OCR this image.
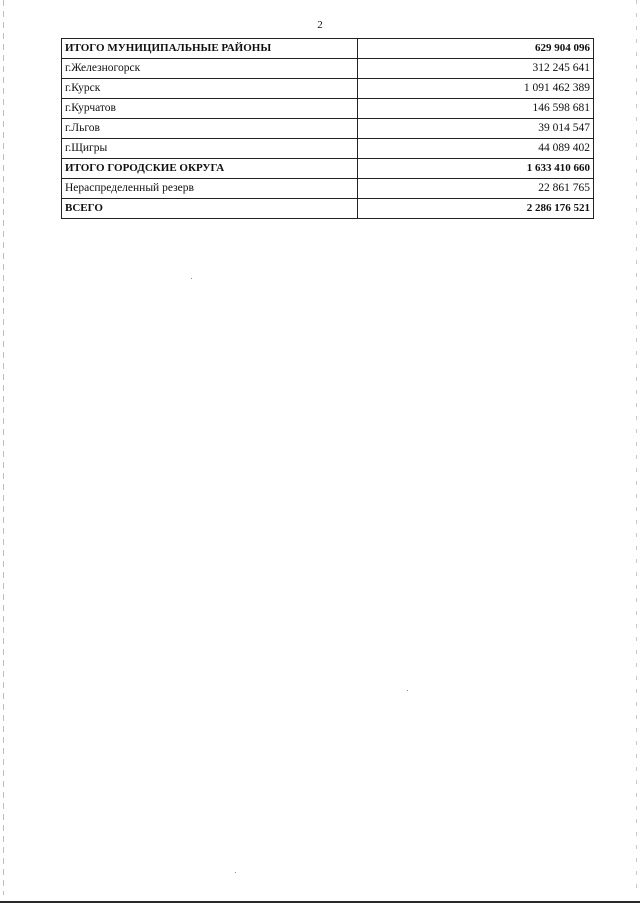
2
ИТОГО МУНИЦИПАЛЬНЫЕ РАЙОНЫ	629 904 096
г.Железногорск	312 245 641
г.Курск	1 091 462 389
г.Курчатов	146 598 681
г.Льгов	39 014 547
г.Щигры	44 089 402
ИТОГО ГОРОДСКИЕ ОКРУГА	1 633 410 660
Нераспределенный резерв	22 861 765
ВСЕГО	2 286 176 521
